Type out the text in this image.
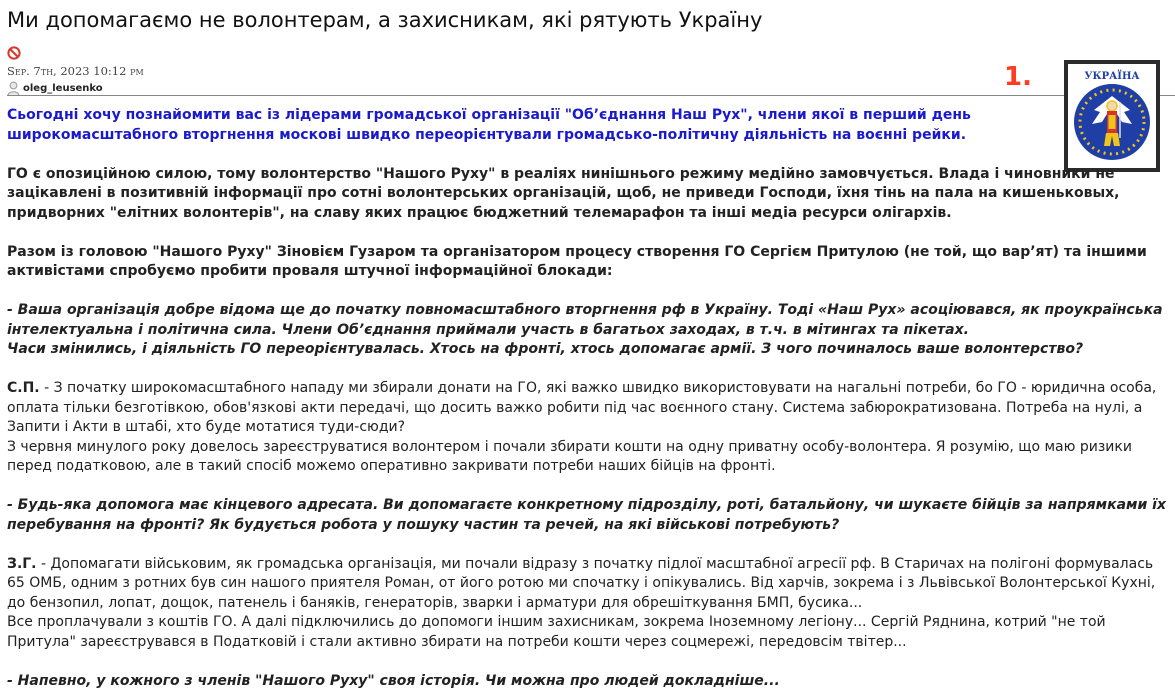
Ми допомагаємо не волонтерам, а захисникам, які рятують Україну
Sep. 7th, 2023 10:12 pm
oleg_leusenko	1.	УКРАЇНА

Сьогодні хочу познайомити вас із лідерами громадської організації "Об’єднання Наш Рух", члени якої в перший день широкомасштабного вторгнення москові швидко переорієнтували громадсько-політичну діяльність на воєнні рейки.

ГО є опозиційною силою, тому волонтерство "Нашого Руху" в реаліях нинішнього режиму медійно замовчується. Влада і чиновники не зацікавлені в позитивній інформації про сотні волонтерських організацій, щоб, не приведи Господи, їхня тінь на пала на кишеньковых, придворних "елітних волонтерів", на славу яких працює бюджетний телемарафон та інші медіа ресурси олігархів.

Разом із головою "Нашого Руху" Зіновієм Гузаром та організатором процесу створення ГО Сергієм Притулою (не той, що вар’ят) та іншими активістами спробуємо пробити проваля штучної інформаційної блокади:

- Ваша організація добре відома ще до початку повномасштабного вторгнення рф в Україну. Тоді «Наш Рух» асоціювався, як проукраїнська інтелектуальна і політична сила. Члени Об’єднання приймали участь в багатьох заходах, в т.ч. в мітингах та пікетах.
Часи змінились, і діяльність ГО переорієнтувалась. Хтось на фронті, хтось допомагає армії. З чого починалось ваше волонтерство?

С.П. - З початку широкомасштабного нападу ми збирали донати на ГО, які важко швидко використовувати на нагальні потреби, бо ГО - юридична особа, оплата тільки безготівкою, обов'язкові акти передачі, що досить важко робити під час воєнного стану. Система забюрократизована. Потреба на нулі, а Запити і Акти в штабі, хто буде мотатися туди-сюди?
З червня минулого року довелось зареєструватися волонтером і почали збирати кошти на одну приватну особу-волонтера. Я розумію, що маю ризики перед податковою, але в такий спосіб можемо оперативно закривати потреби наших бійців на фронті.

- Будь-яка допомога має кінцевого адресата. Ви допомагаєте конкретному підрозділу, роті, батальйону, чи шукаєте бійців за напрямками їх перебування на фронті? Як будується робота у пошуку частин та речей, на які військові потребують?

З.Г. - Допомагати військовим, як громадська організація, ми почали відразу з початку підлої масштабної агресії рф. В Старичах на полігоні формувалась 65 ОМБ, одним з ротних був син нашого приятеля Роман, от його ротою ми спочатку і опікувались. Від харчів, зокрема і з Львівської Волонтерської Кухні, до бензопил, лопат, дощок, патенель і баняків, генераторів, зварки і арматури для обрешіткування БМП, бусика...
Все проплачували з коштів ГО. А далі підключились до допомоги іншим захисникам, зокрема Іноземному легіону... Сергій Ряднина, котрий "не той Притула" зареєструвався в Податковій і стали активно збирати на потреби кошти через соцмережі, передовсім твітер...

- Напевно, у кожного з членів "Нашого Руху" своя історія. Чи можна про людей докладніше...
